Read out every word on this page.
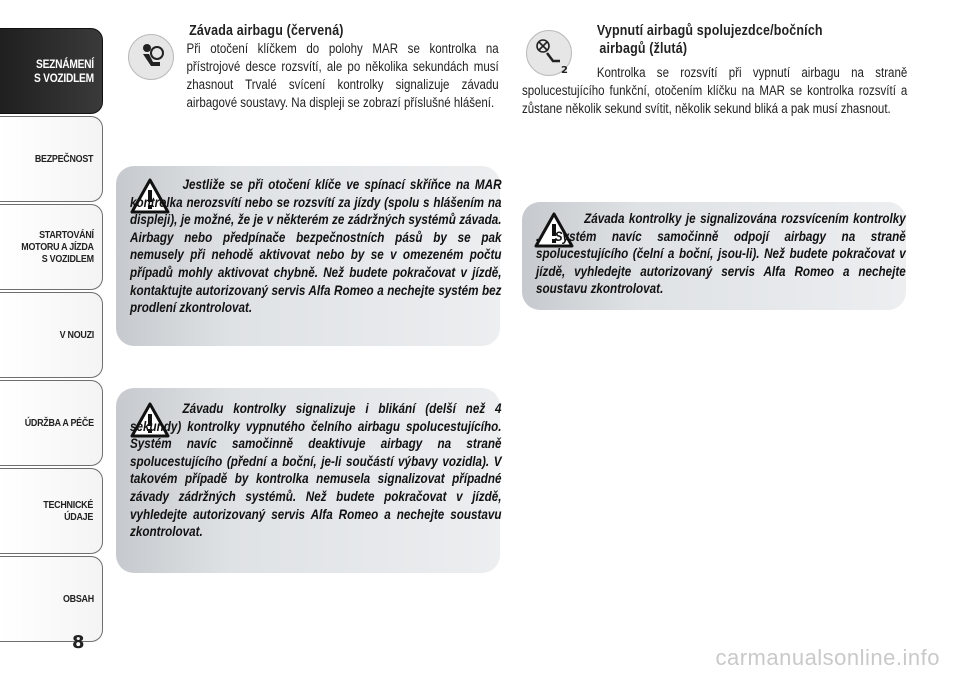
SEZNÁMENÍ
S VOZIDLEM
BEZPEČNOST
STARTOVÁNÍ
MOTORU A JÍZDA
S VOZIDLEM
V NOUZI
ÚDRŽBA A PÉČE
TECHNICKÉ
ÚDAJE
OBSAH
8
Závada airbagu (červená)
Při otočení klíčkem do polohy MAR se kontrolka na přístrojové desce rozsvítí, ale po několika sekundách musí zhasnout Trvalé svícení kontrolky signalizuje závadu airbagové soustavy. Na displeji se zobrazí příslušné hlášení.
Jestliže se při otočení klíče ve spínací skříňce na MAR kontrolka nerozsvítí nebo se rozsvítí za jízdy (spolu s hlášením na displeji), je možné, že je v některém ze zádržných systémů závada. Airbagy nebo předpínače bezpečnostních pásů by se pak nemusely při nehodě aktivovat nebo by se v omezeném počtu případů mohly aktivovat chybně. Než budete pokračovat v jízdě, kontaktujte autorizovaný servis Alfa Romeo a nechejte systém bez prodlení zkontrolovat.
Závadu kontrolky signalizuje i blikání (delší než 4 sekundy) kontrolky vypnutého čelního airbagu spolucestujícího. Systém navíc samočinně deaktivuje airbagy na straně spolucestujícího (přední a boční, je-li součástí výbavy vozidla). V takovém případě by kontrolka nemusela signalizovat případné závady zádržných systémů. Než budete pokračovat v jízdě, vyhledejte autorizovaný servis Alfa Romeo a nechejte soustavu zkontrolovat.
2
Vypnutí airbagů spolujezdce/bočních
airbagů (žlutá)
Kontrolka se rozsvítí při vypnutí airbagu na straně spolucestujícího funkční, otočením klíčku na MAR se kontrolka rozsvítí a zůstane několik sekund svítit, několik sekund bliká a pak musí zhasnout.
Závada kontrolky je signalizována rozsvícením kontrolky . Systém navíc samočinně odpojí airbagy na straně spolucestujícího (čelní a boční, jsou-li). Než budete pokračovat v jízdě, vyhledejte autorizovaný servis Alfa Romeo a nechejte soustavu zkontrolovat.
carmanualsonline.info
